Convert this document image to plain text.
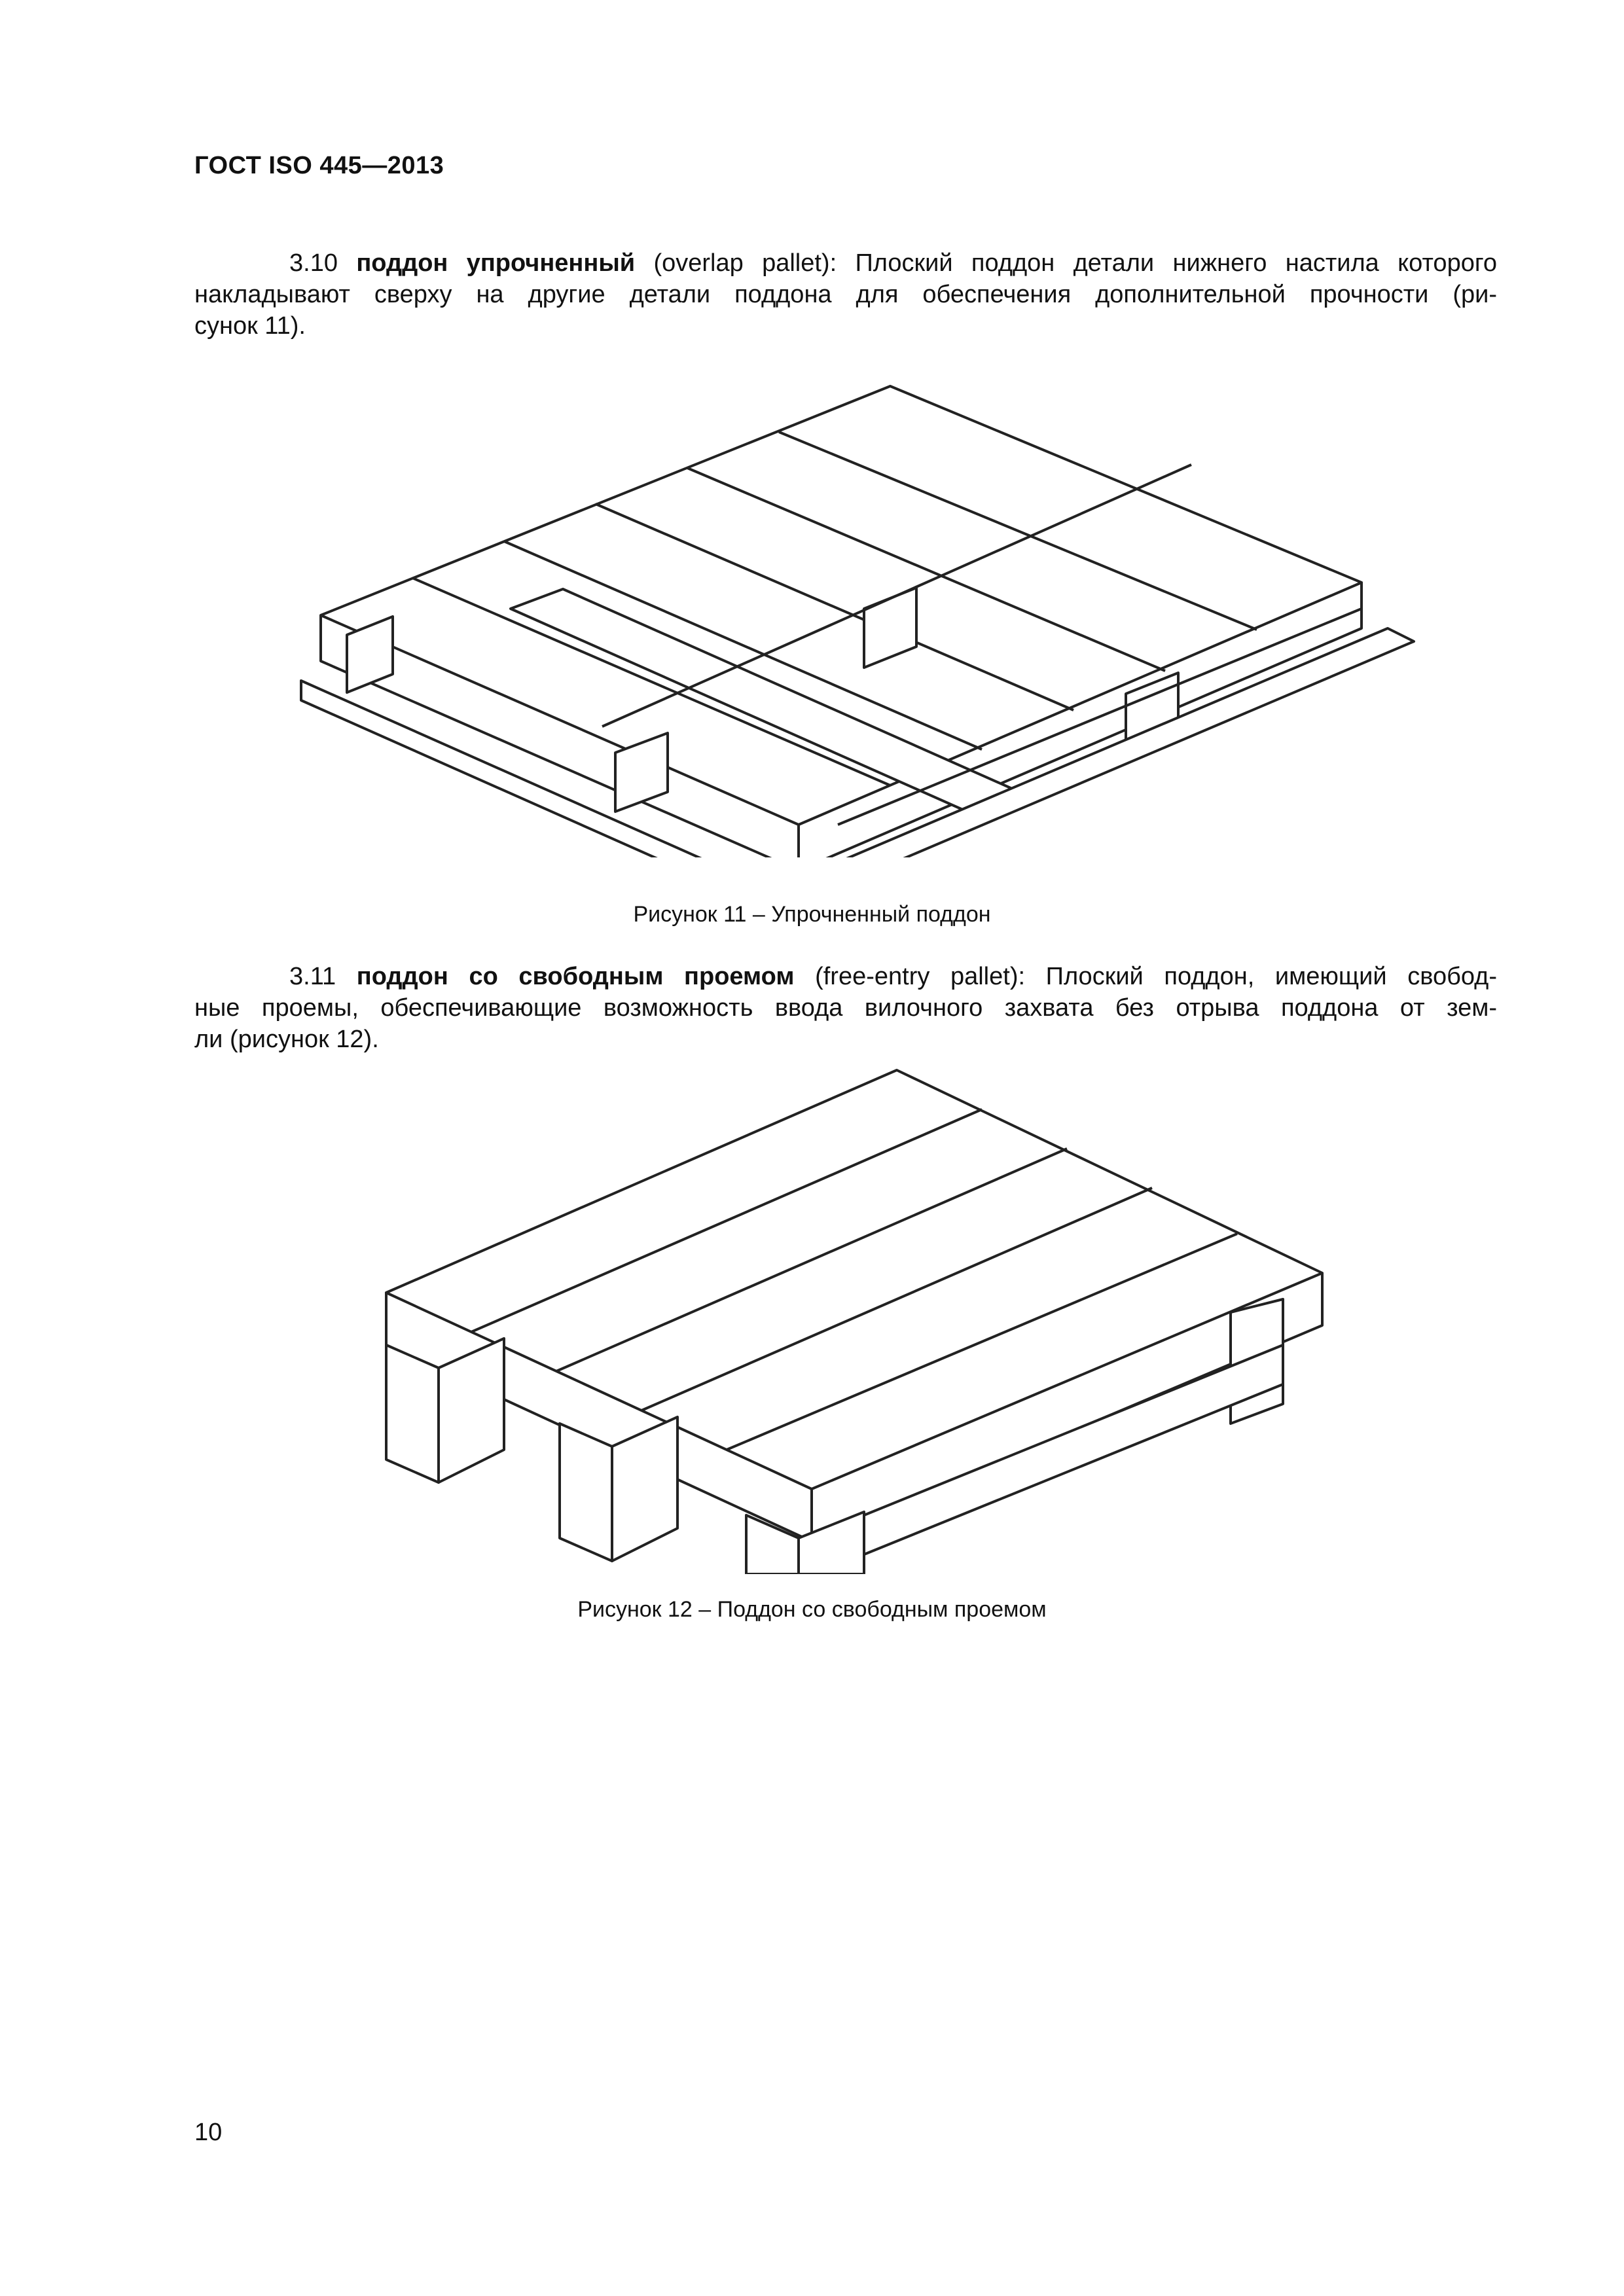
ГОСТ ISO 445—2013
3.10 поддон упрочненный (overlap pallet): Плоский поддон детали нижнего настила которого
накладывают сверху на другие детали поддона для обеспечения дополнительной прочности (ри-
сунок 11).
Рисунок 11 – Упрочненный поддон
3.11 поддон со свободным проемом (free-entry pallet): Плоский поддон, имеющий свобод-
ные проемы, обеспечивающие возможность ввода вилочного захвата без отрыва поддона от зем-
ли (рисунок 12).
Рисунок 12 – Поддон со свободным проемом
10
